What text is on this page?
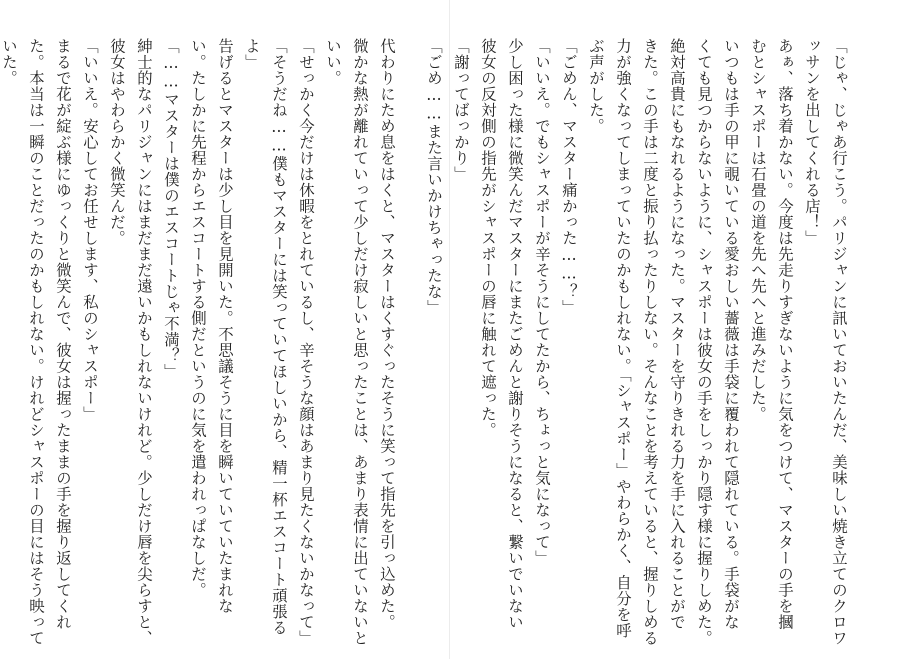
「じゃ、じゃあ行こう。パリジャンに訊いておいたんだ、美味しい焼き立てのクロワ
ッサンを出してくれる店！」
あぁ、落ち着かない。今度は先走りすぎないように気をつけて、マスターの手を摑
むとシャスポーは石畳の道を先へ先へと進みだした。
いつもは手の甲に覗いている愛おしい薔薇は手袋に覆われて隠れている。手袋がな
くても見つからないように、シャスポーは彼女の手をしっかり隠す様に握りしめた。
絶対高貴にもなれるようになった。マスターを守りきれる力を手に入れることがで
きた。この手は二度と振り払ったりしない。そんなことを考えていると、握りしめる
力が強くなってしまっていたのかもしれない。「シャスポー」やわらかく、自分を呼
ぶ声がした。
「ごめん、マスター痛かった……？」
「いいえ。でもシャスポーが辛そうにしてたから、ちょっと気になって」
少し困った様に微笑んだマスターにまたごめんと謝りそうになると、繋いでいない
彼女の反対側の指先がシャスポーの唇に触れて遮った。
「謝ってばっかり」
「ごめ……また言いかけちゃったな」
代わりにため息をはくと、マスターはくすぐったそうに笑って指先を引っ込めた。
微かな熱が離れていって少しだけ寂しいと思ったことは、あまり表情に出ていないと
いい。
「せっかく今だけは休暇をとれているし、辛そうな顔はあまり見たくないかなって」
「そうだね……僕もマスターには笑っていてほしいから、精一杯エスコート頑張る
よ」
告げるとマスターは少し目を見開いた。不思議そうに目を瞬いていていたまれな
い。たしかに先程からエスコートする側だというのに気を遣われっぱなしだ。
「……マスターは僕のエスコートじゃ不満？」
紳士的なパリジャンにはまだまだ遠いかもしれないけれど。少しだけ唇を尖らすと、
彼女はやわらかく微笑んだ。
「いいえ。安心してお任せします、私のシャスポー」
まるで花が綻ぶ様にゆっくりと微笑んで、彼女は握ったままの手を握り返してくれ
た。本当は一瞬のことだったのかもしれない。けれどシャスポーの目にはそう映って
いた。
